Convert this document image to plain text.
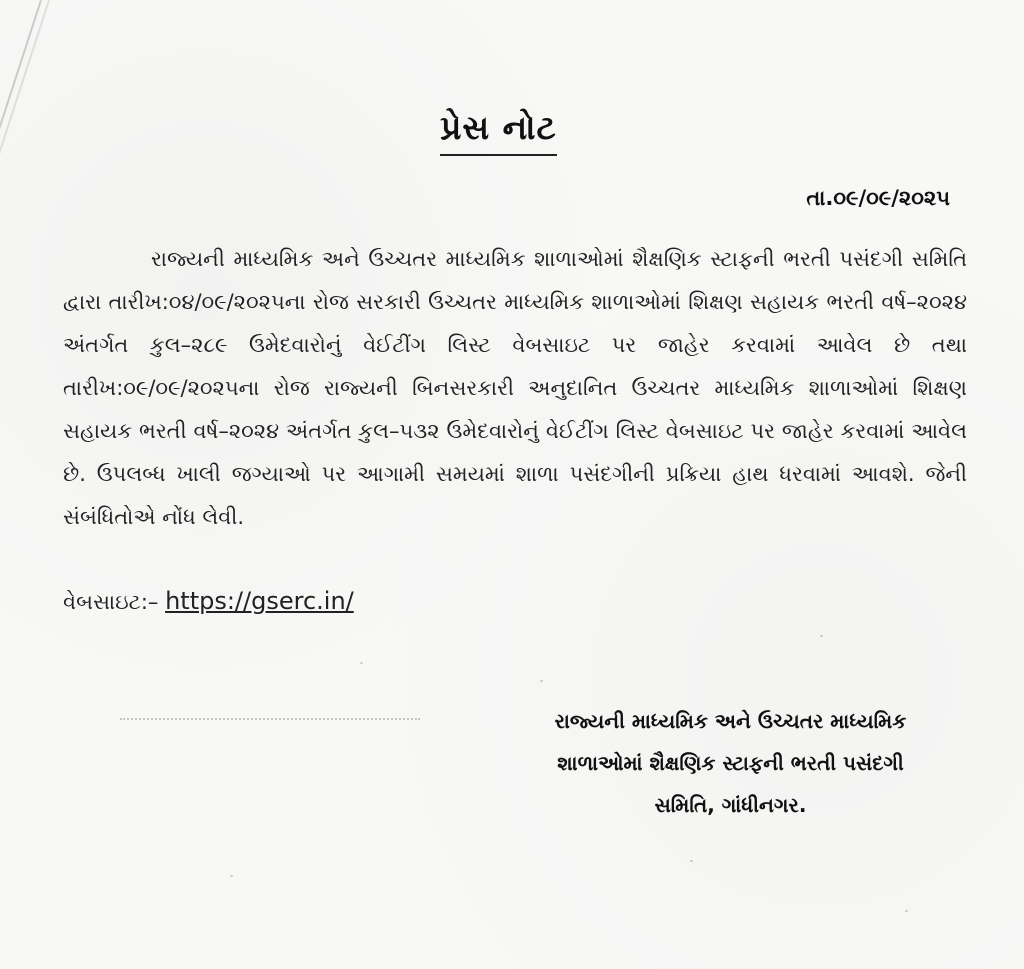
પ્રેસ નોટ
તા.૦૯/૦૯/૨૦૨૫
રાજ્યની માધ્યમિક અને ઉચ્ચતર માધ્યમિક શાળાઓમાં શૈક્ષણિક સ્ટાફની ભરતી પસંદગી સમિતિ દ્વારા તારીખ:૦૪/૦૯/૨૦૨૫ના રોજ સરકારી ઉચ્ચતર માધ્યમિક શાળાઓમાં શિક્ષણ સહાયક ભરતી વર્ષ–૨૦૨૪ અંતર્ગત કુલ–૨૮૯ ઉમેદવારોનું વેઈટીંગ લિસ્ટ વેબસાઇટ પર જાહેર કરવામાં આવેલ છે તથા તારીખ:૦૯/૦૯/૨૦૨૫ના રોજ રાજ્યની બિનસરકારી અનુદાનિત ઉચ્ચતર માધ્યમિક શાળાઓમાં શિક્ષણ સહાયક ભરતી વર્ષ–૨૦૨૪ અંતર્ગત કુલ–૫૩૨ ઉમેદવારોનું વેઈટીંગ લિસ્ટ વેબસાઇટ પર જાહેર કરવામાં આવેલ છે. ઉપલબ્ધ ખાલી જગ્યાઓ પર આગામી સમયમાં શાળા પસંદગીની પ્રક્રિયા હાથ ધરવામાં આવશે. જેની સંબંધિતોએ નોંધ લેવી.
વેબસાઇટ:– https://gserc.in/
રાજ્યની માધ્યમિક અને ઉચ્ચતર માધ્યમિક
શાળાઓમાં શૈક્ષણિક સ્ટાફની ભરતી પસંદગી
સમિતિ, ગાંધીનગર.
